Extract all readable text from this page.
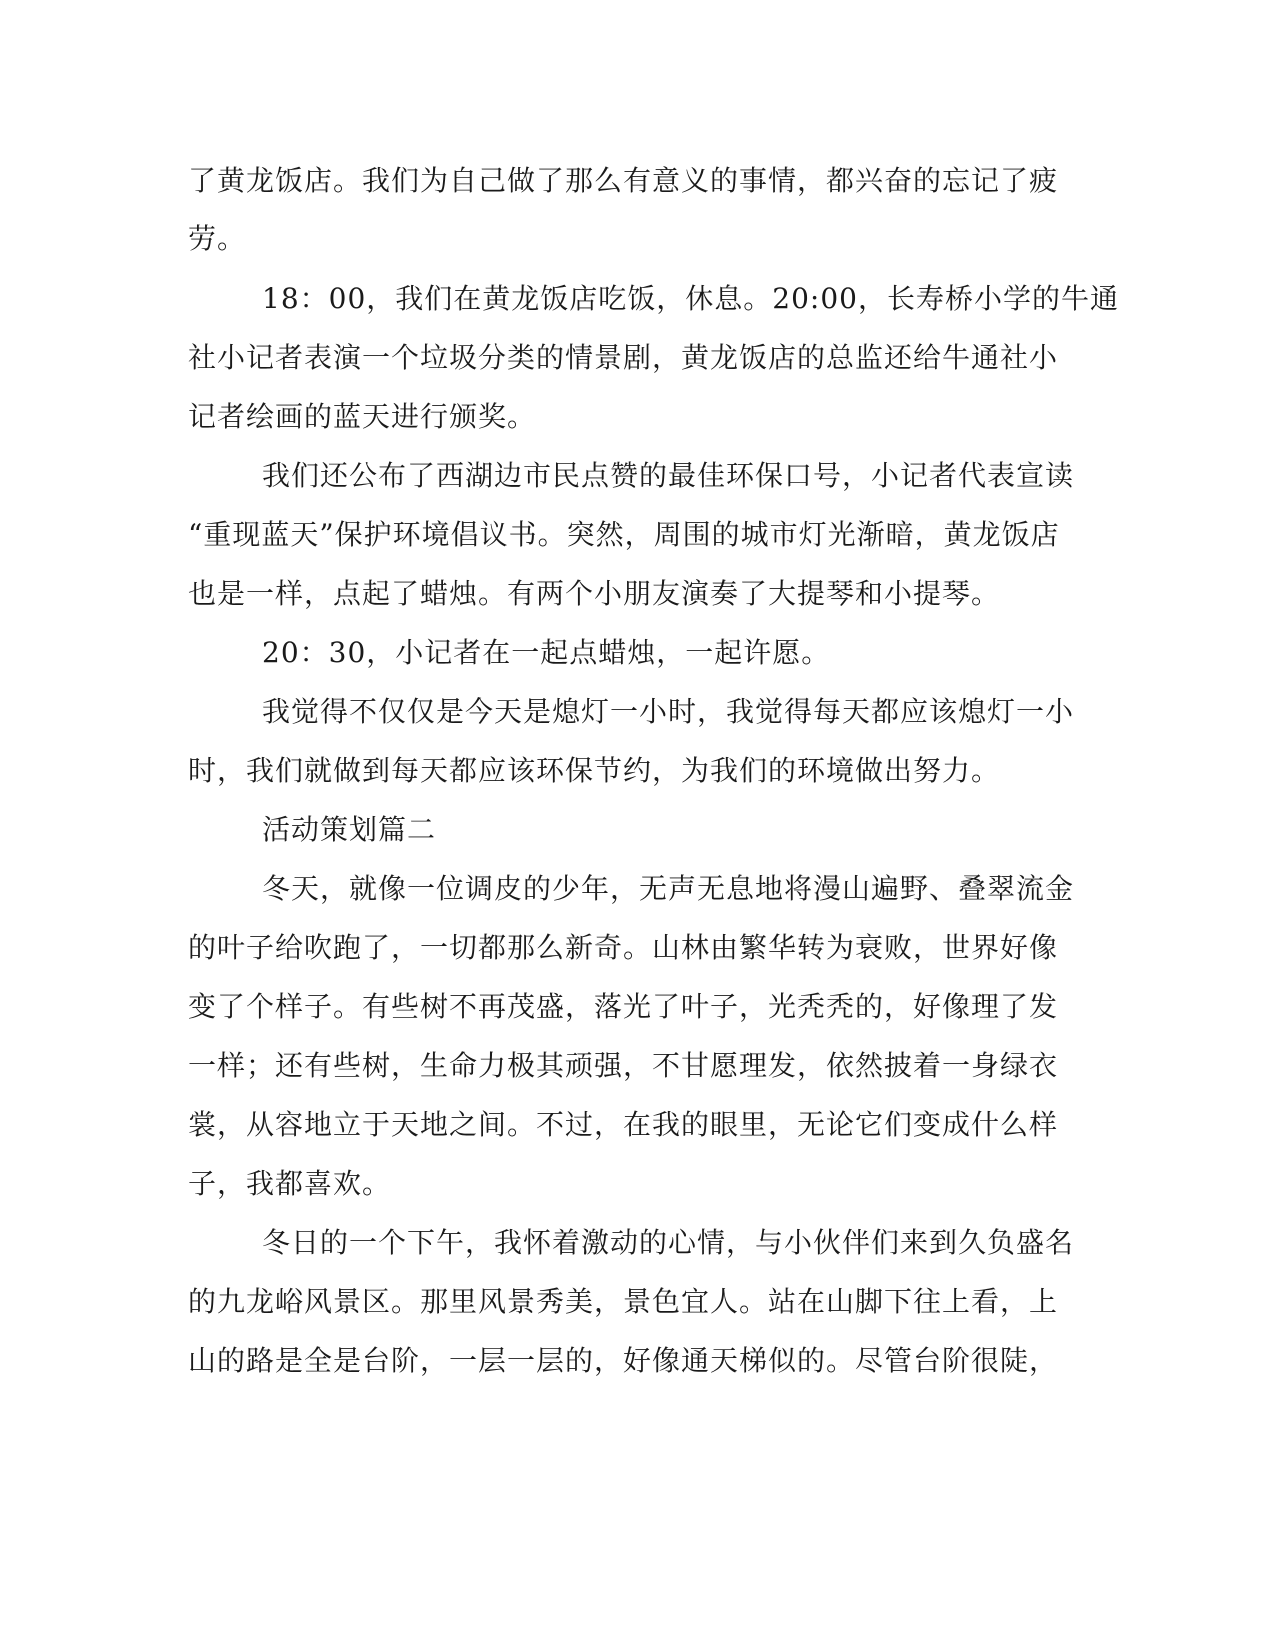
了黄龙饭店。我们为自己做了那么有意义的事情，都兴奋的忘记了疲

劳。

18：00，我们在黄龙饭店吃饭，休息。20:00，长寿桥小学的牛通

社小记者表演一个垃圾分类的情景剧，黄龙饭店的总监还给牛通社小

记者绘画的蓝天进行颁奖。

我们还公布了西湖边市民点赞的最佳环保口号，小记者代表宣读

“重现蓝天”保护环境倡议书。突然，周围的城市灯光渐暗，黄龙饭店

也是一样，点起了蜡烛。有两个小朋友演奏了大提琴和小提琴。

20：30，小记者在一起点蜡烛，一起许愿。

我觉得不仅仅是今天是熄灯一小时，我觉得每天都应该熄灯一小

时，我们就做到每天都应该环保节约，为我们的环境做出努力。

活动策划篇二

冬天，就像一位调皮的少年，无声无息地将漫山遍野、叠翠流金

的叶子给吹跑了，一切都那么新奇。山林由繁华转为衰败，世界好像

变了个样子。有些树不再茂盛，落光了叶子，光秃秃的，好像理了发

一样；还有些树，生命力极其顽强，不甘愿理发，依然披着一身绿衣

裳，从容地立于天地之间。不过，在我的眼里，无论它们变成什么样

子，我都喜欢。

冬日的一个下午，我怀着激动的心情，与小伙伴们来到久负盛名

的九龙峪风景区。那里风景秀美，景色宜人。站在山脚下往上看，上

山的路是全是台阶，一层一层的，好像通天梯似的。尽管台阶很陡，
